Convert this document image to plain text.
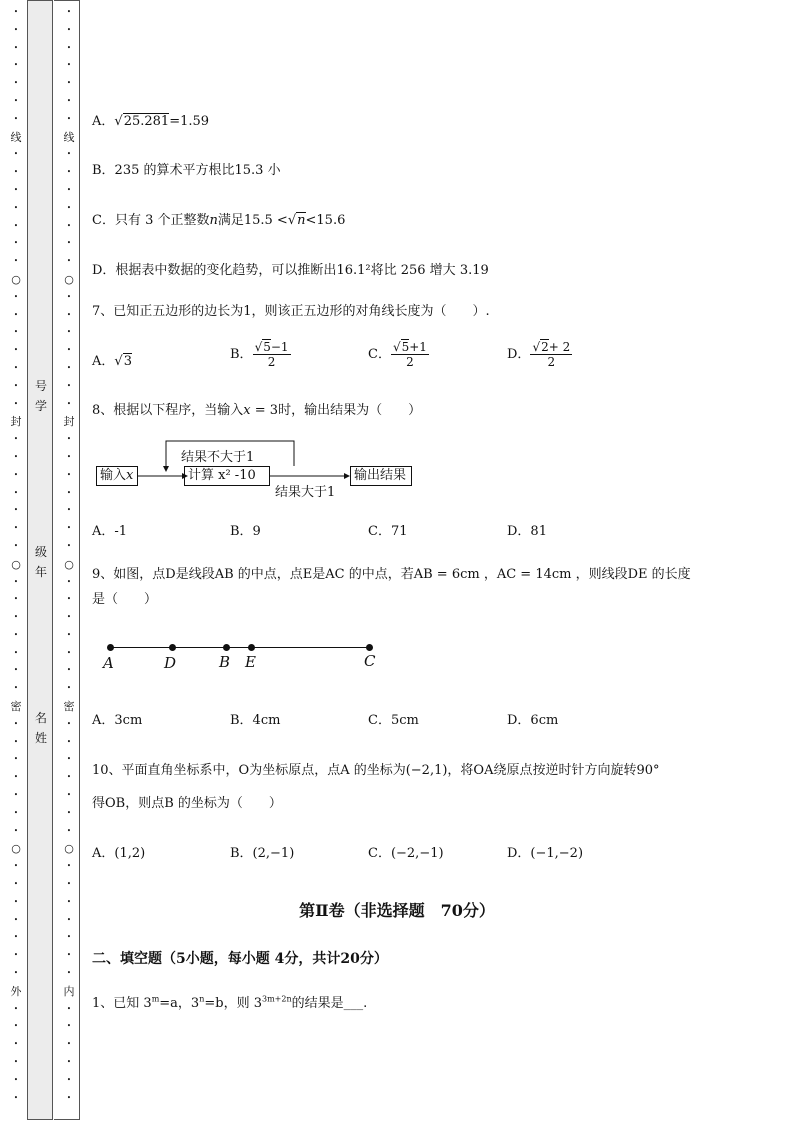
•
•
•
•
•
•
•
线
•
•
•
•
•
•
•
○
•
•
•
•
•
•
•
封
•
•
•
•
•
•
•
○
•
•
•
•
•
•
•
密
•
•
•
•
•
•
•
○
•
•
•
•
•
•
•
外
•
•
•
•
•
•
•
•
•
•
•
•
•
线
•
•
•
•
•
•
•
○
•
•
•
•
•
•
•
封
•
•
•
•
•
•
•
○
•
•
•
•
•
•
•
密
•
•
•
•
•
•
•
○
•
•
•
•
•
•
•
内
•
•
•
•
•
•
号
学
级
年
名
姓
A．√25.281=1.59
B．235 的算术平方根比15.3 小
C．只有 3 个正整数n满足15.5 <√n<15.6
D．根据表中数据的变化趋势，可以推断出16.1²将比 256 增大 3.19
7、已知正五边形的边长为1，则该正五边形的对角线长度为（　　）.
A．√3	B． $\frac{√5-1}{2}$	C． $\frac{√5+1}{2}$	D． $\frac{√2+ 2}{2}$
8、根据以下程序，当输入x = 3时，输出结果为（　　）
输入x	计算 x² -10	输出结果
结果不大于1
结果大于1
A．-1	B．9	C．71	D．81
9、如图，点D是线段AB 的中点，点E是AC 的中点，若AB = 6cm ，AC = 14cm ，则线段DE 的长度
是（　　）
A	D	B E	C
A．3cm	B．4cm	C．5cm	D．6cm
10、平面直角坐标系中，O为坐标原点，点A 的坐标为(−2,1)，将OA绕原点按逆时针方向旋转90°
得OB，则点B 的坐标为（　　）
A．(1,2)	B．(2,−1)	C．(−2,−1)	D．(−1,−2)
第Ⅱ卷（非选择题　70分）
二、填空题（5小题，每小题 4分，共计20分）
1、已知 $3^m=a$，$3^n=b$，则 $3^{3m+2n}$的结果是___.
